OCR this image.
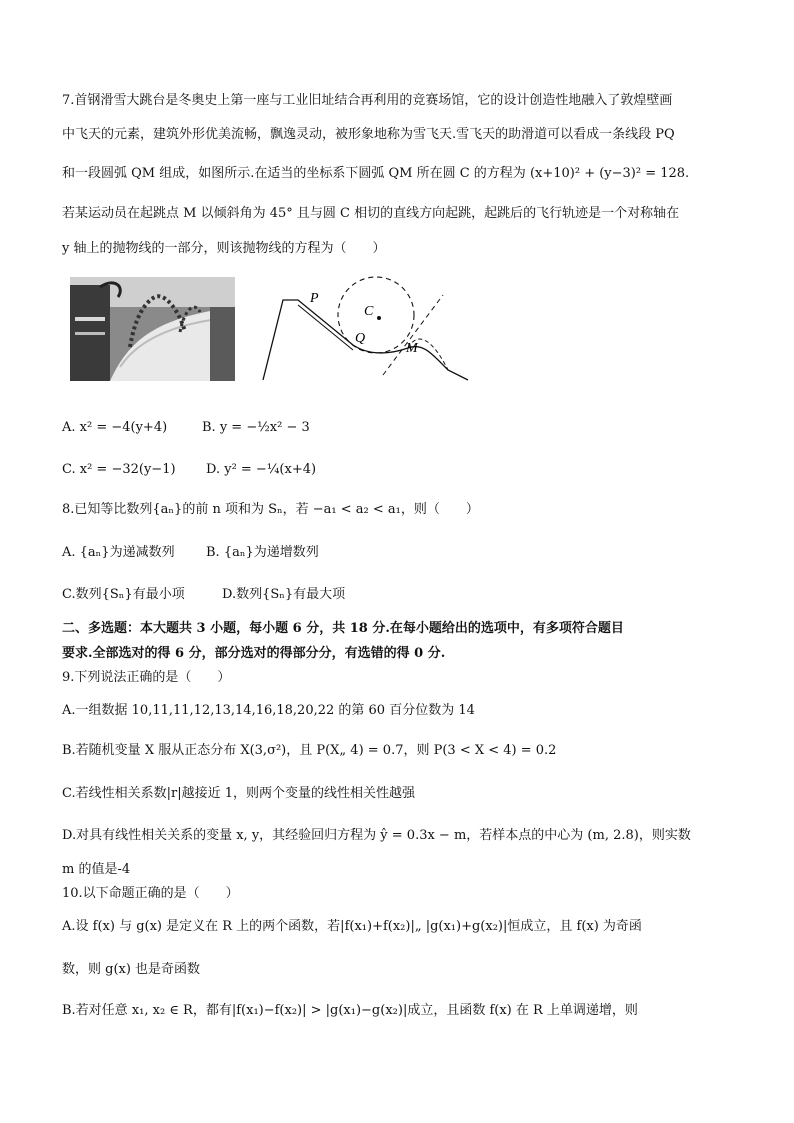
7.首钢滑雪大跳台是冬奥史上第一座与工业旧址结合再利用的竞赛场馆，它的设计创造性地融入了敦煌壁画
中飞天的元素，建筑外形优美流畅，飘逸灵动，被形象地称为雪飞天.雪飞天的助滑道可以看成一条线段 PQ
和一段圆弧 QM 组成，如图所示.在适当的坐标系下圆弧 QM 所在圆 C 的方程为 (x+10)² + (y−3)² = 128.
若某运动员在起跳点 M 以倾斜角为 45° 且与圆 C 相切的直线方向起跳，起跳后的飞行轨迹是一个对称轴在
y 轴上的抛物线的一部分，则该抛物线的方程为（　　）
P
C
Q
M
A. x² = −4(y+4)	B. y = −½x² − 3
C. x² = −32(y−1) D. y² = −¼(x+4)
8.已知等比数列{aₙ}的前 n 项和为 Sₙ，若 −a₁ < a₂ < a₁，则（　　）
A. {aₙ}为递减数列 B. {aₙ}为递增数列
C.数列{Sₙ}有最小项	D.数列{Sₙ}有最大项
二、多选题：本大题共 3 小题，每小题 6 分，共 18 分.在每小题给出的选项中，有多项符合题目
要求.全部选对的得 6 分，部分选对的得部分分，有选错的得 0 分.
9.下列说法正确的是（　　）
A.一组数据 10,11,11,12,13,14,16,18,20,22 的第 60 百分位数为 14
B.若随机变量 X 服从正态分布 X(3,σ²)，且 P(X„ 4) = 0.7，则 P(3 < X < 4) = 0.2
C.若线性相关系数|r|越接近 1，则两个变量的线性相关性越强
D.对具有线性相关关系的变量 x, y，其经验回归方程为 ŷ = 0.3x − m，若样本点的中心为 (m, 2.8)，则实数
m 的值是-4
10.以下命题正确的是（　　）
A.设 f(x) 与 g(x) 是定义在 R 上的两个函数，若|f(x₁)+f(x₂)|„ |g(x₁)+g(x₂)|恒成立，且 f(x) 为奇函
数，则 g(x) 也是奇函数
B.若对任意 x₁, x₂ ∈ R，都有|f(x₁)−f(x₂)| > |g(x₁)−g(x₂)|成立，且函数 f(x) 在 R 上单调递增，则
